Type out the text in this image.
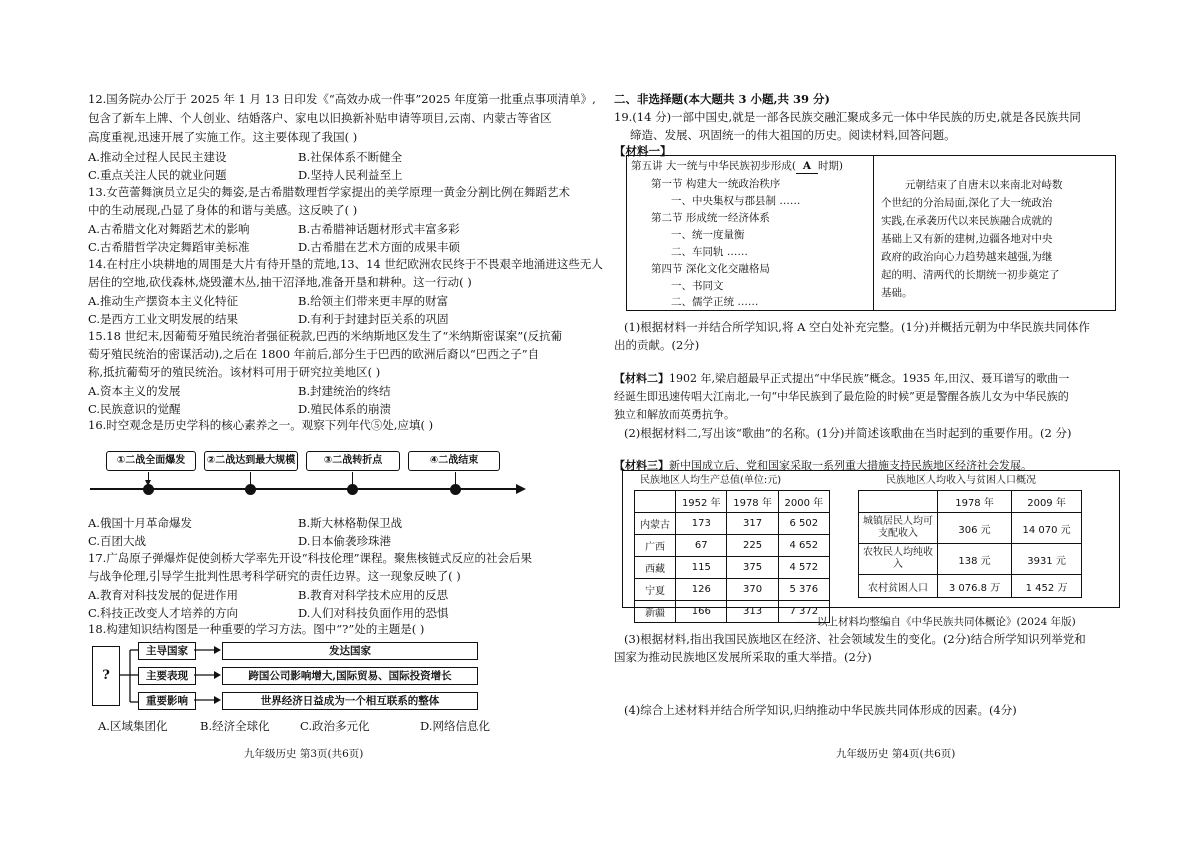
12.国务院办公厅于 2025 年 1 月 13 日印发《“高效办成一件事”2025 年度第一批重点事项清单》,
包含了新车上牌、个人创业、结婚落户、家电以旧换新补贴申请等项目,云南、内蒙古等省区
高度重视,迅速开展了实施工作。这主要体现了我国( )
A.推动全过程人民民主建设	B.社保体系不断健全
C.重点关注人民的就业问题	D.坚持人民利益至上
13.女芭蕾舞演员立足尖的舞姿,是古希腊数理哲学家提出的美学原理一黄金分割比例在舞蹈艺术
中的生动展现,凸显了身体的和谐与美感。这反映了( )
A.古希腊文化对舞蹈艺术的影响	B.古希腊神话题材形式丰富多彩
C.古希腊哲学决定舞蹈审美标准	D.古希腊在艺术方面的成果丰硕
14.在村庄小块耕地的周围是大片有待开垦的荒地,13、14 世纪欧洲农民终于不畏艰辛地涌进这些无人
居住的空地,砍伐森林,烧毁灌木丛,抽干沼泽地,准备开垦和耕种。这一行动( )
A.推动生产摆资本主义化特征	B.给领主们带来更丰厚的财富
C.是西方工业文明发展的结果	D.有利于封建封臣关系的巩固
15.18 世纪末,因葡萄牙殖民统治者强征税款,巴西的米纳斯地区发生了“米纳斯密谋案”(反抗葡
萄牙殖民统治的密谋活动),之后在 1800 年前后,部分生于巴西的欧洲后裔以“巴西之子”自
称,抵抗葡萄牙的殖民统治。该材料可用于研究拉美地区( )
A.资本主义的发展	B.封建统治的终结
C.民族意识的觉醒	D.殖民体系的崩溃
16.时空观念是历史学科的核心素养之一。观察下列年代⑤处,应填( )
①二战全面爆发	②二战达到最大规模	③二战转折点	④二战结束
A.俄国十月革命爆发	B.斯大林格勒保卫战
C.百团大战	D.日本偷袭珍珠港
17.广岛原子弹爆炸促使剑桥大学率先开设“科技伦理”课程。聚焦核链式反应的社会后果
与战争伦理,引导学生批判性思考科学研究的责任边界。这一现象反映了( )
A.教育对科技发展的促进作用	B.教育对科学技术应用的反思
C.科技正改变人才培养的方向	D.人们对科技负面作用的恐惧
18.构建知识结构图是一种重要的学习方法。图中“?”处的主题是( )
?
主导国家
主要表现
重要影响
发达国家
跨国公司影响增大,国际贸易、国际投资增长
世界经济日益成为一个相互联系的整体
A.区域集团化	B.经济全球化	C.政治多元化	D.网络信息化
九年级历史 第3页(共6页)
二、非选择题(本大题共 3 小题,共 39 分)
19.(14 分)一部中国史,就是一部各民族交融汇聚成多元一体中华民族的历史,就是各民族共同
缔造、发展、巩固统一的伟大祖国的历史。阅读材料,回答问题。
【材料一】
第五讲 大一统与中华民族初步形成( A 时期)
第一节 构建大一统政治秩序
一、中央集权与郡县制 ……
第二节 形成统一经济体系
一、统一度量衡
二、车同轨 ……
第四节 深化文化交融格局
一、书同文
二、儒学正统 ……
元朝结束了自唐末以来南北对峙数
个世纪的分治局面,深化了大一统政治
实践,在承袭历代以来民族融合成就的
基础上又有新的建树,边疆各地对中央
政府的政治向心力趋势越来越强,为继
起的明、清两代的长期统一初步奠定了
基础。
(1)根据材料一并结合所学知识,将 A 空白处补充完整。(1分)并概括元朝为中华民族共同体作
出的贡献。(2分)
【材料二】1902 年,梁启超最早正式提出“中华民族”概念。1935 年,田汉、聂耳谱写的歌曲一
经诞生即迅速传唱大江南北,一句“中华民族到了最危险的时候”更是警醒各族儿女为中华民族的
独立和解放而英勇抗争。
(2)根据材料二,写出该“歌曲”的名称。(1分)并简述该歌曲在当时起到的重要作用。(2 分)
【材料三】新中国成立后、党和国家采取一系列重大措施支持民族地区经济社会发展。
民族地区人均生产总值(单位:元)
	1952 年	1978 年	2000 年
内蒙古	173	317	6 502
广西	67	225	4 652
西藏	115	375	4 572
宁夏	126	370	5 376
新疆	166	313	7 372
民族地区人均收入与贫困人口概况
	1978 年	2009 年
城镇居民人均可支配收入	306 元	14 070 元
农牧民人均纯收入	138 元	3931 元
农村贫困人口	3 076.8 万	1 452 万
——以上材料均整编自《中华民族共同体概论》(2024 年版)
(3)根据材料,指出我国民族地区在经济、社会领域发生的变化。(2分)结合所学知识列举党和
国家为推动民族地区发展所采取的重大举措。(2分)
(4)综合上述材料并结合所学知识,归纳推动中华民族共同体形成的因素。(4分)
九年级历史 第4页(共6页)
